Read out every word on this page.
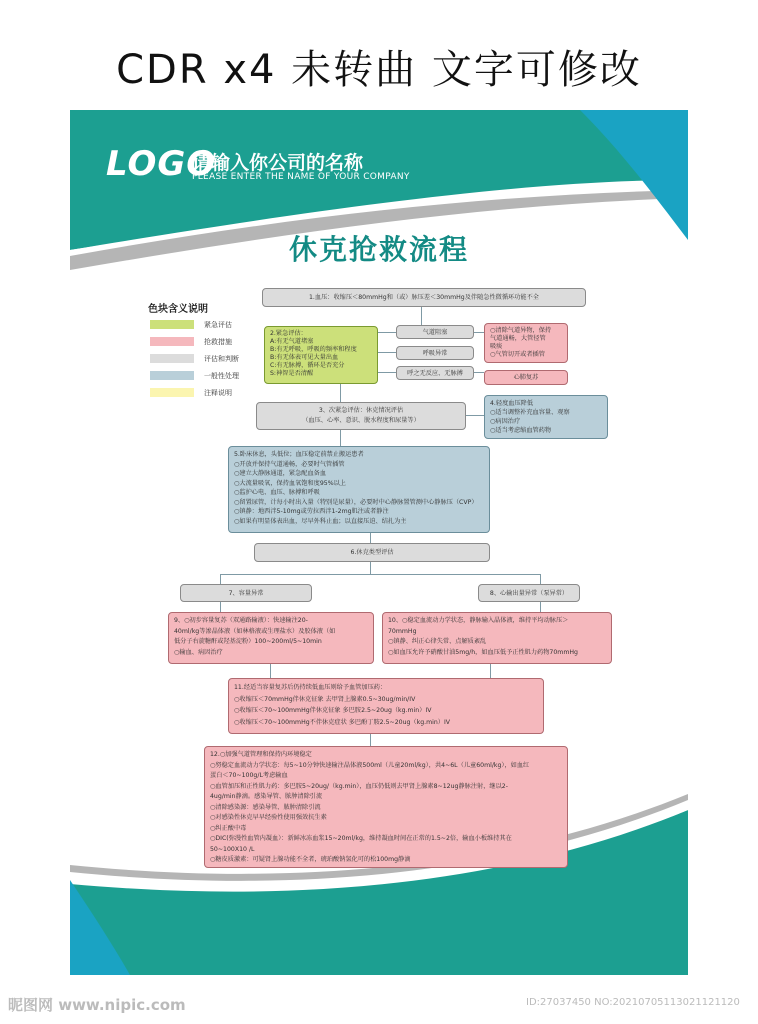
CDR x4 未转曲 文字可修改
LOGO
请输入你公司的名称
PLEASE ENTER THE NAME OF YOUR COMPANY
休克抢救流程
色块含义说明
紧急评估
抢救措施
评估和判断
一般性处理
注释说明
1.血压：收缩压＜80mmHg和（或）脉压差＜30mmHg及伴随急性微循环功能不全
2.紧急评估：
A:有无气道堵塞
B:有无呼吸，呼吸的频率和程度
B:有无体表可见大量出血
C:有无脉搏，循环是否充分
S:神智是否清醒
气道阻塞
呼吸异常
呼之无反应、无脉搏
○清除气道异物，保持
气道通畅，大管径管
吸痰
○气管切开或者插管
心肺复苏
3、次紧急评估：休克情况评估
（血压、心率、意识、脱水程度和尿量等）
4.轻度血压降低
○适当调整补充血容量、观察
○病因治疗
○适当考虑缩血管药物
5.卧床休息，头低位；血压稳定前禁止搬运患者
○开放并保持气道通畅，必要时气管插管
○建立大静脉通道，紧急配血备血
○大流量吸氧，保持血氧饱和度95%以上
○监护心电、血压、脉搏和呼吸
○留置尿管，计每小时出入量（特别是尿量），必要时中心静脉置管测中心静脉压（CVP）
○镇静：地西泮5-10mg或劳拉西泮1-2mg肌注或者静注
○如果有明显体表出血，尽早外科止血；以直接压迫、结扎为主
6.休克类型评估
7、容量异常	8、心输出量异常（泵异常）
9、○初步容量复苏（双通路输液）：快速输注20-
40ml/kg等渗晶体液（如林格液或生理盐水）及胶体液（如
低分子右旋糖酐或羟基淀粉）100~200ml/5~10min
○输血、病因治疗
10、○稳定血流动力学状态，静脉输入晶体液，维持平均动脉压＞
70mmHg
○镇静、纠正心律失常、点解质紊乱
○如血压允许予硝酸甘油5mg/h，如血压低予正性肌力药物70mmHg
11.经适当容量复苏后仍持续低血压则给予血管加压药：
○收缩压＜70mmHg伴休克征象 去甲肾上腺素0.5~30ug/min/IV
○收缩压＜70~100mmHg伴休克征象 多巴胺2.5~20ug（kg.min）IV
○收缩压＜70~100mmHg不伴休克症状 多巴酚丁胺2.5~20ug（kg.min）IV
12.○加强气道管理和保持内环境稳定
○努稳定血流动力学状态：每5~10分钟快速输注晶体液500ml（儿童20ml/kg），共4~6L（儿童60ml/kg），如血红
蛋白＜70~100g/L考虑输血
○血管加压和正性肌力药：多巴胺5~20ug/（kg.min），血压仍低则去甲肾上腺素8~12ug静脉注射，继以2-
4ug/min静滴。感染导管、脓肿清除引流
○清除感染源：感染导管、脓肿清除引流
○对感染性休克早早经验性使用强效抗生素
○纠正酸中毒
○DIC(弥漫性血管内凝血）：新鲜冰冻血浆15~20ml/kg，维持凝血时间在正常的1.5~2倍，输血小板维持其在
50~100X10 /L
○糖皮质激素：可疑肾上腺功能不全者，琥珀酸钠氢化可的松100mg静滴
昵图网 www.nipic.com	ID:27037450 NO:20210705113021121120
